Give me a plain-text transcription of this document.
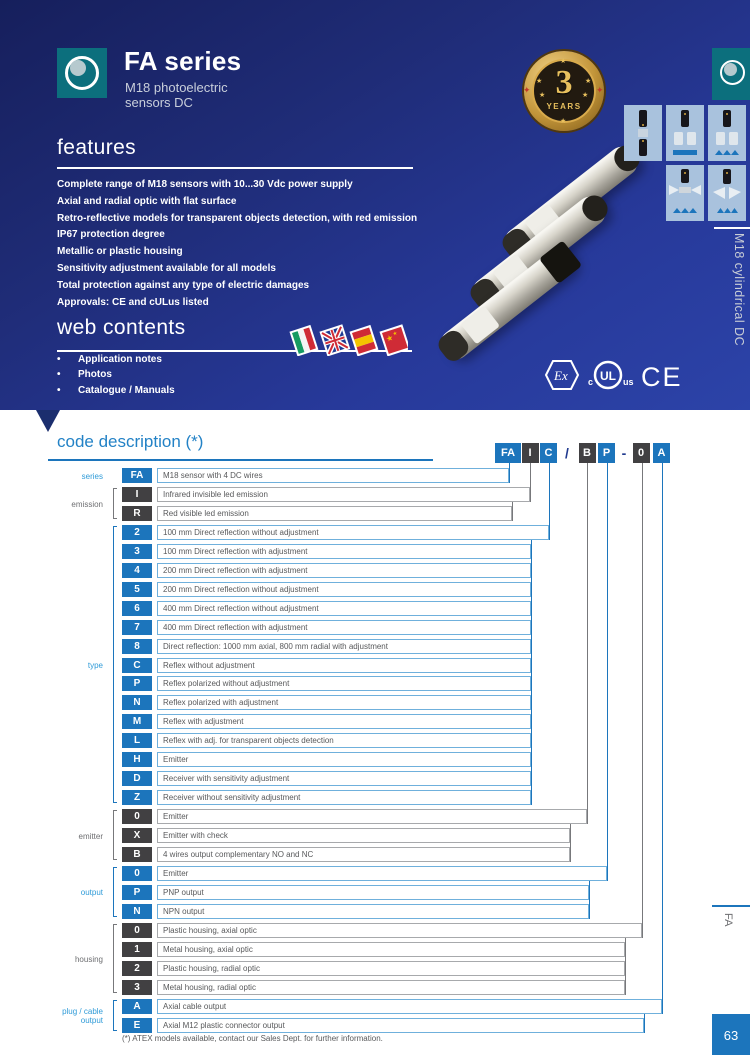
FA series
M18 photoelectric
sensors DC
3
YEARS
★
★
★
★
★
★
✦	✦
M18 cylindrical DC
features
Complete range of M18 sensors with 10...30 Vdc power supply
Axial and radial optic with flat surface
Retro-reflective models for transparent objects detection, with red emission
IP67 protection degree
Metallic or plastic housing
Sensitivity adjustment available for all models
Total protection against any type of electric damages
Approvals: CE and cULus listed
web contents
• Application notes
• Photos
• Catalogue / Manuals
★
★
Ex c UL us CE
code description (*)
FA	I	C /	B	P -	0	A
FA	M18 sensor with 4 DC wires
series
I	Infrared invisible led emission
R	Red visible led emission
emission
2	100 mm Direct reflection without adjustment
3	100 mm Direct reflection with adjustment
4	200 mm Direct reflection with adjustment
5	200 mm Direct reflection without adjustment
6	400 mm Direct reflection without adjustment
7	400 mm Direct reflection with adjustment
8	Direct reflection: 1000 mm axial, 800 mm radial with adjustment
C	Reflex without adjustment
P	Reflex polarized without adjustment
N	Reflex polarized with adjustment
M	Reflex with adjustment
L	Reflex with adj. for transparent objects detection
H	Emitter
D	Receiver with sensitivity adjustment
Z	Receiver without sensitivity adjustment
type
0	Emitter
X	Emitter with check
B	4 wires output complementary NO and NC
emitter
0	Emitter
P	PNP output
N	NPN output
output
0	Plastic housing, axial optic
1	Metal housing, axial optic
2	Plastic housing, radial optic
3	Metal housing, radial optic
housing
A	Axial cable output
E	Axial M12 plastic connector output
plug / cable output
(*) ATEX models available, contact our Sales Dept. for further information.
FA
63
